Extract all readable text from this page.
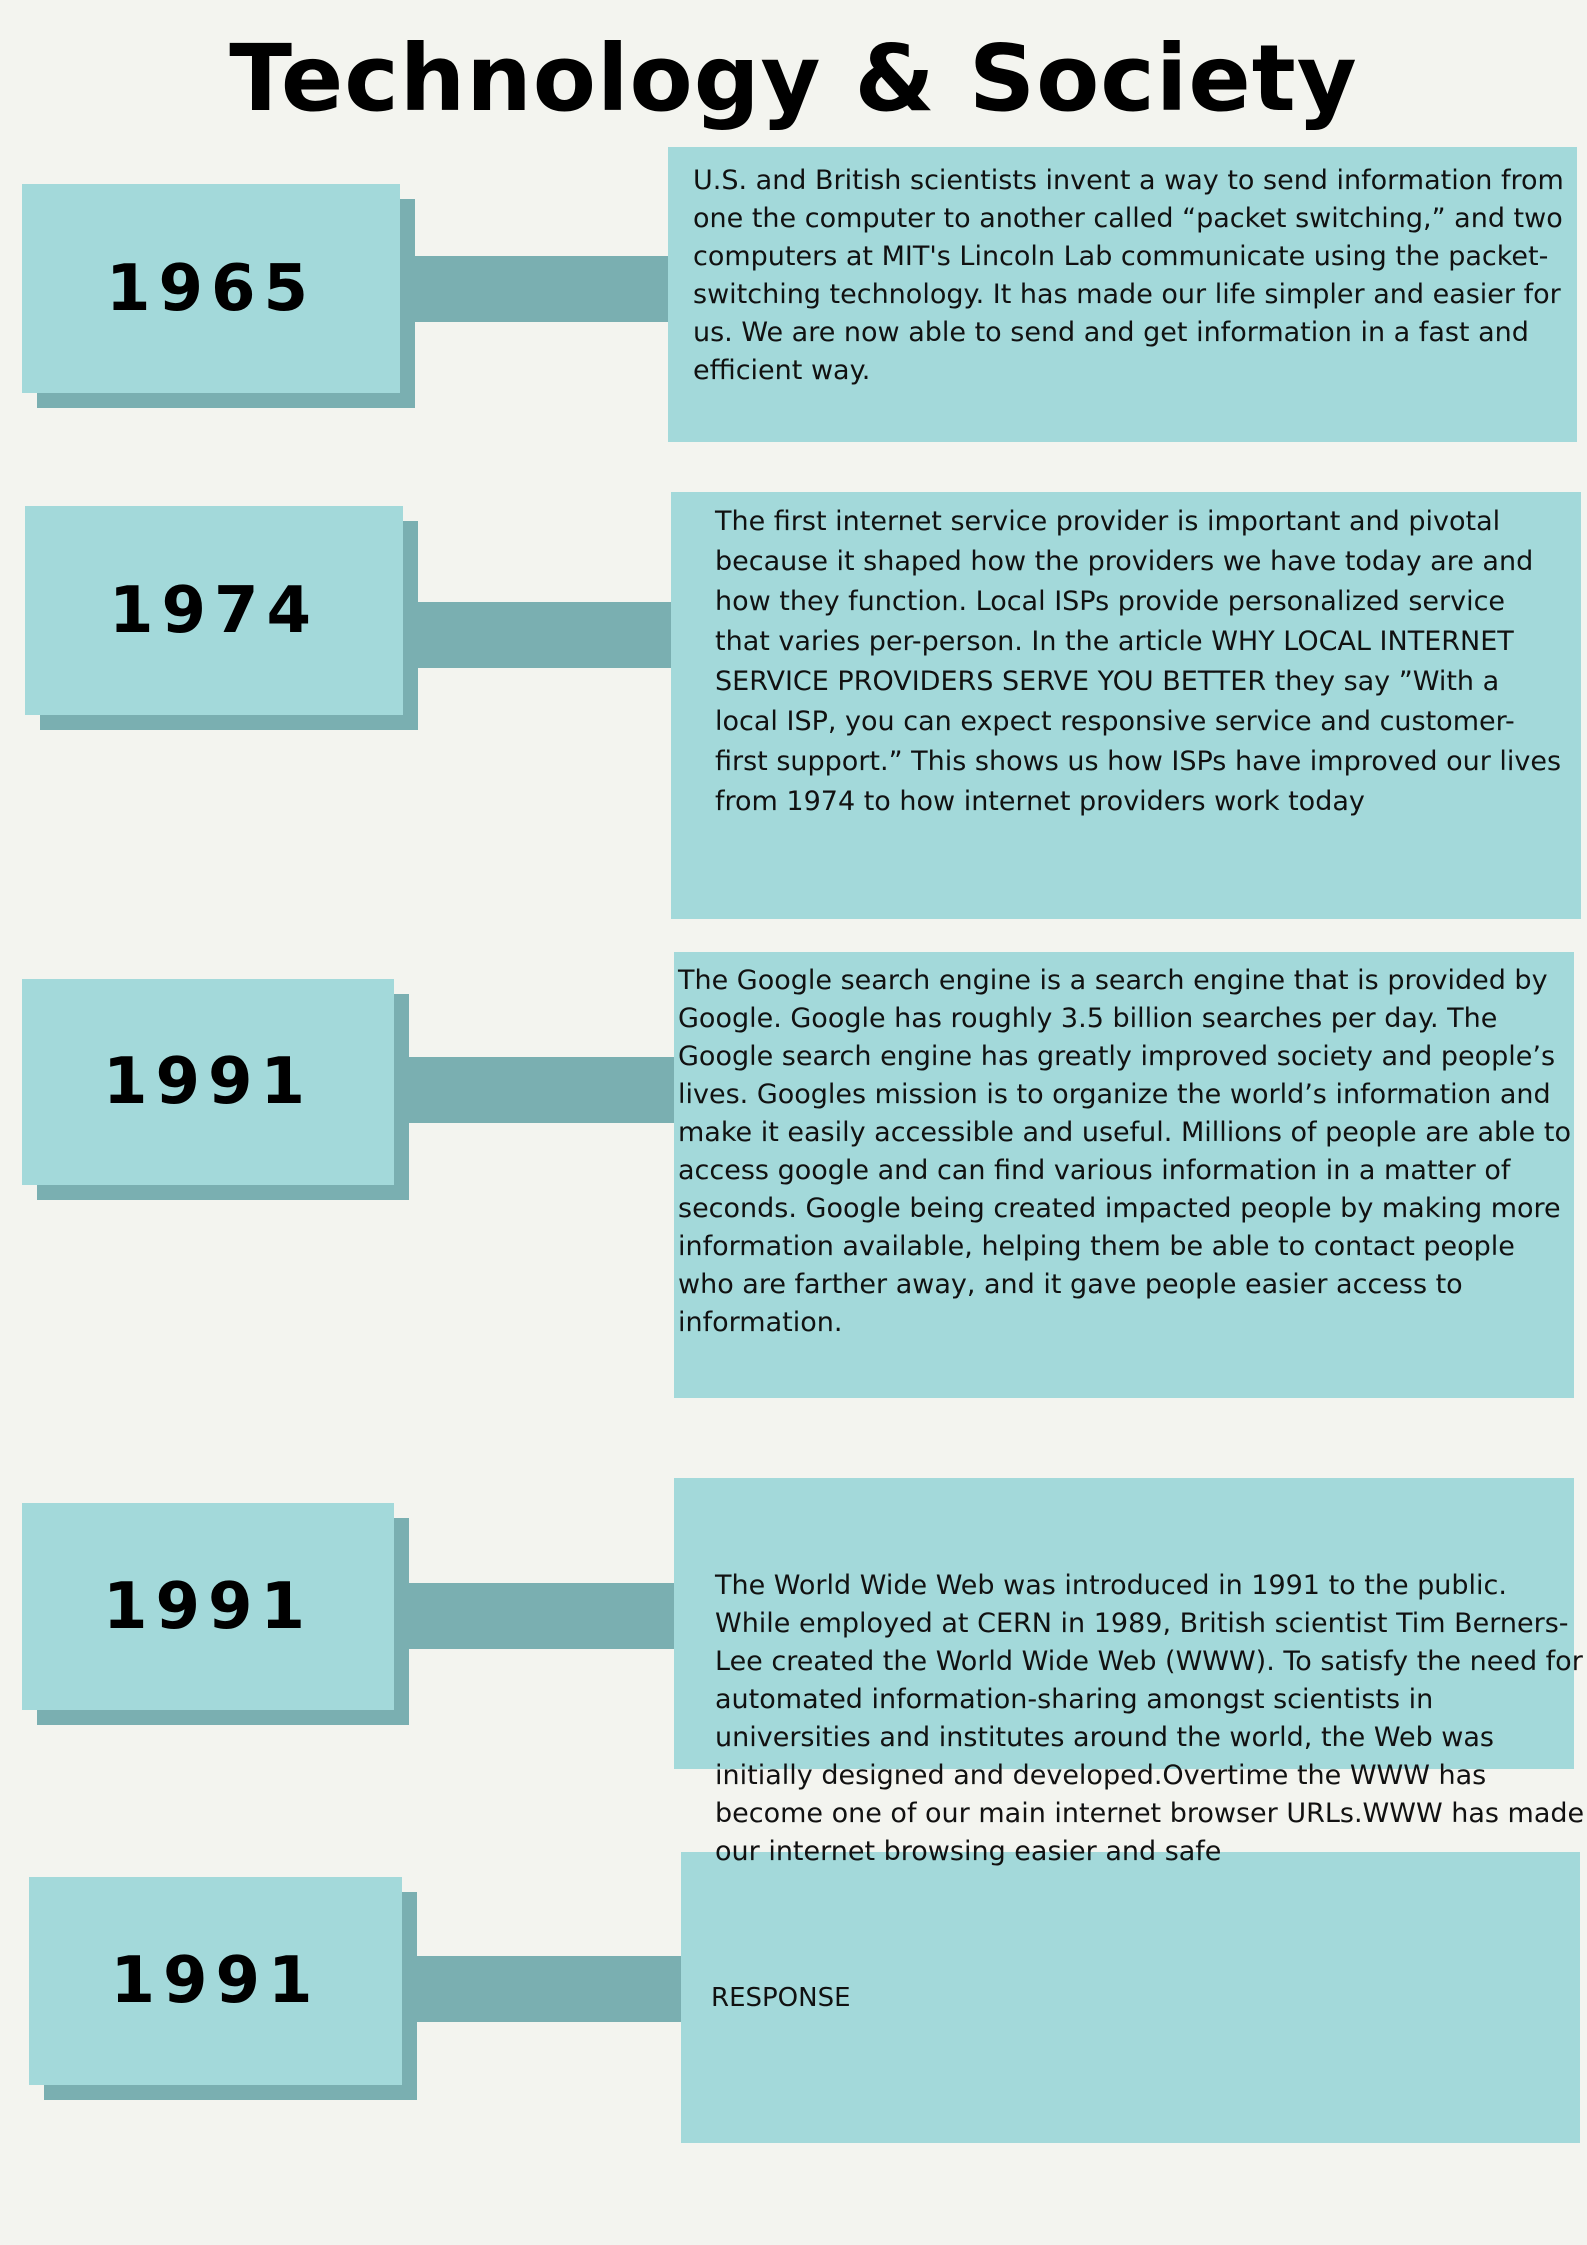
Technology & Society
1965

U.S. and British scientists invent a way to send information from one the computer to another called “packet switching,” and two computers at MIT's Lincoln Lab communicate using the packet-switching technology. It has made our life simpler and easier for us. We are now able to send and get information in a fast and efficient way.

1974

The first internet service provider is important and pivotal because it shaped how the providers we have today are and how they function. Local ISPs provide personalized service that varies per-person. In the article WHY LOCAL INTERNET SERVICE PROVIDERS SERVE YOU BETTER they say ”With a local ISP, you can expect responsive service and customer-first support.” This shows us how ISPs have improved our lives from 1974 to how internet providers work today

1991

The Google search engine is a search engine that is provided by Google. Google has roughly 3.5 billion searches per day. The Google search engine has greatly improved society and people’s lives. Googles mission is to organize the world’s information and make it easily accessible and useful. Millions of people are able to access google and can find various information in a matter of seconds. Google being created impacted people by making more information available, helping them be able to contact people who are farther away, and it gave people easier access to information.

1991
1991	RESPONSE

The World Wide Web was introduced in 1991 to the public. While employed at CERN in 1989, British scientist Tim Berners-Lee created the World Wide Web (WWW). To satisfy the need for automated information-sharing amongst scientists in universities and institutes around the world, the Web was initially designed and developed.Overtime the WWW has become one of our main internet browser URLs.WWW has made our internet browsing easier and safe
